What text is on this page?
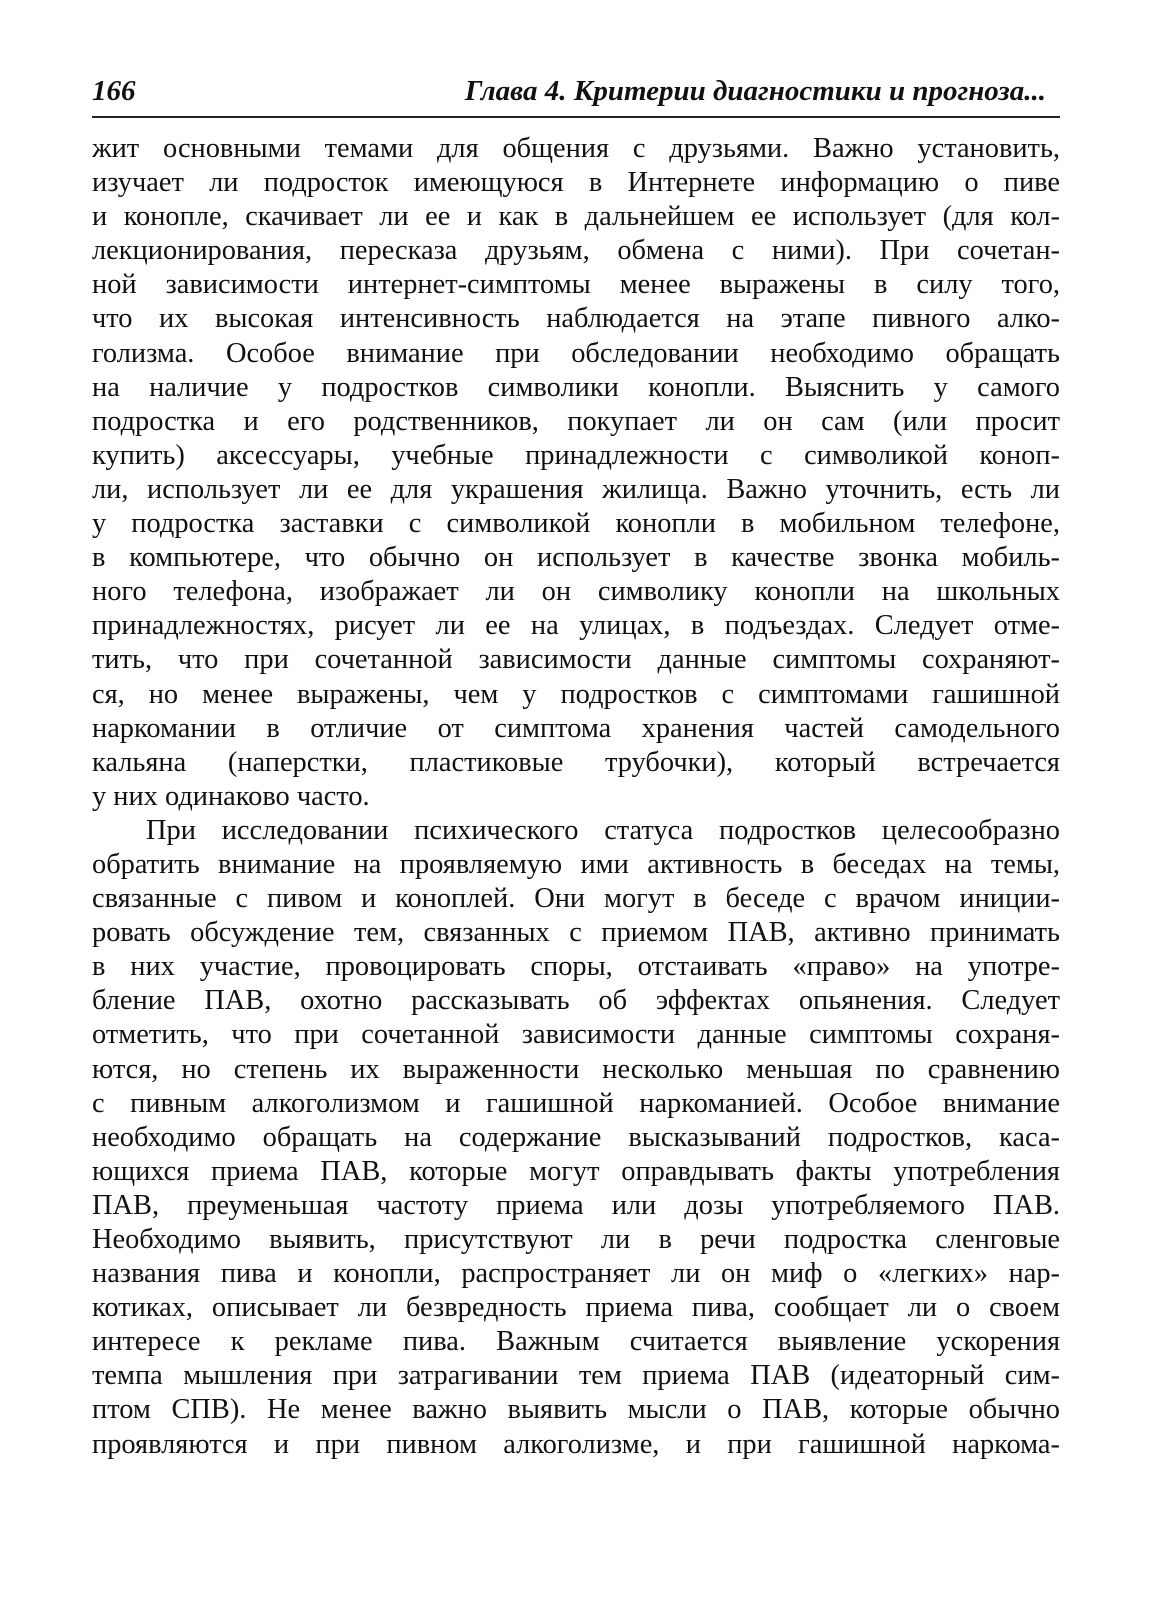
166	Глава 4. Критерии диагностики и прогноза...
жит основными темами для общения с друзьями. Важно установить,
изучает ли подросток имеющуюся в Интернете информацию о пиве
и конопле, скачивает ли ее и как в дальнейшем ее использует (для кол-
лекционирования, пересказа друзьям, обмена с ними). При сочетан-
ной зависимости интернет-симптомы менее выражены в силу того,
что их высокая интенсивность наблюдается на этапе пивного алко-
голизма. Особое внимание при обследовании необходимо обращать
на наличие у подростков символики конопли. Выяснить у самого
подростка и его родственников, покупает ли он сам (или просит
купить) аксессуары, учебные принадлежности с символикой коноп-
ли, использует ли ее для украшения жилища. Важно уточнить, есть ли
у подростка заставки с символикой конопли в мобильном телефоне,
в компьютере, что обычно он использует в качестве звонка мобиль-
ного телефона, изображает ли он символику конопли на школьных
принадлежностях, рисует ли ее на улицах, в подъездах. Следует отме-
тить, что при сочетанной зависимости данные симптомы сохраняют-
ся, но менее выражены, чем у подростков с симптомами гашишной
наркомании в отличие от симптома хранения частей самодельного
кальяна (наперстки, пластиковые трубочки), который встречается
у них одинаково часто.
При исследовании психического статуса подростков целесообразно
обратить внимание на проявляемую ими активность в беседах на темы,
связанные с пивом и коноплей. Они могут в беседе с врачом иниции-
ровать обсуждение тем, связанных с приемом ПАВ, активно принимать
в них участие, провоцировать споры, отстаивать «право» на употре-
бление ПАВ, охотно рассказывать об эффектах опьянения. Следует
отметить, что при сочетанной зависимости данные симптомы сохраня-
ются, но степень их выраженности несколько меньшая по сравнению
с пивным алкоголизмом и гашишной наркоманией. Особое внимание
необходимо обращать на содержание высказываний подростков, каса-
ющихся приема ПАВ, которые могут оправдывать факты употребления
ПАВ, преуменьшая частоту приема или дозы употребляемого ПАВ.
Необходимо выявить, присутствуют ли в речи подростка сленговые
названия пива и конопли, распространяет ли он миф о «легких» нар-
котиках, описывает ли безвредность приема пива, сообщает ли о своем
интересе к рекламе пива. Важным считается выявление ускорения
темпа мышления при затрагивании тем приема ПАВ (идеаторный сим-
птом СПВ). Не менее важно выявить мысли о ПАВ, которые обычно
проявляются и при пивном алкоголизме, и при гашишной наркома-
